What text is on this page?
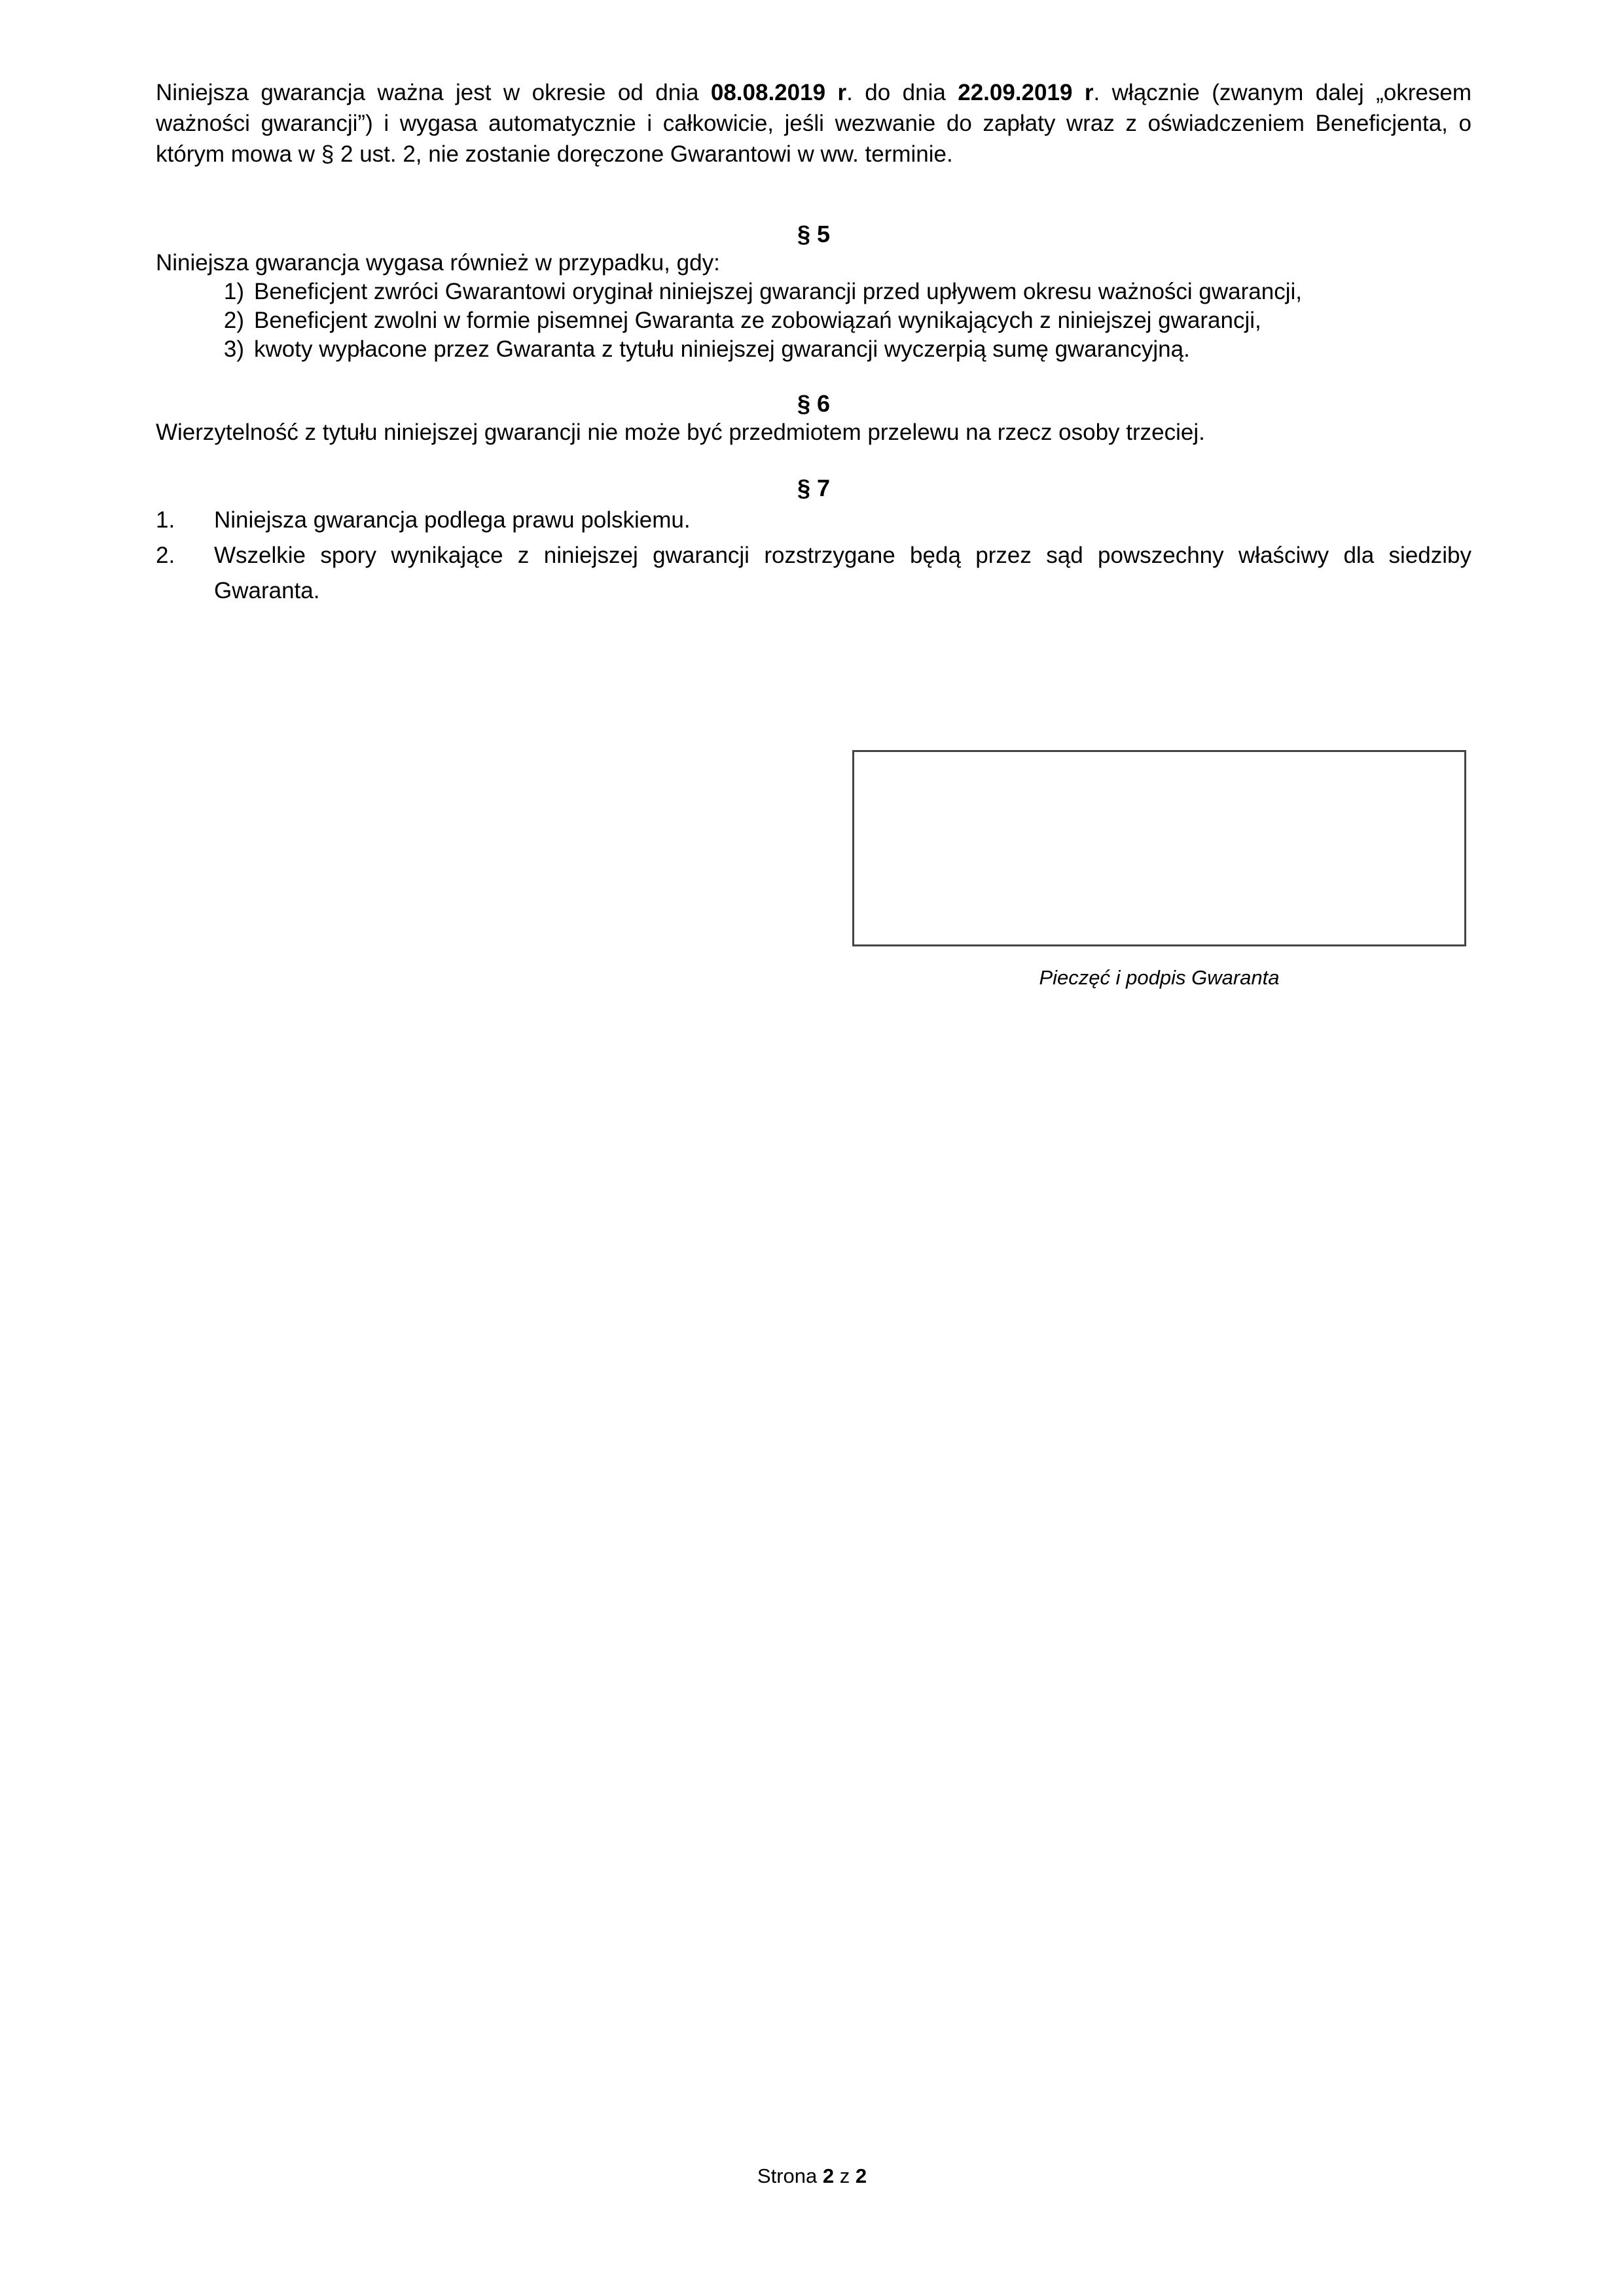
Niniejsza gwarancja ważna jest w okresie od dnia 08.08.2019 r. do dnia 22.09.2019 r. włącznie (zwanym dalej „okresem ważności gwarancji”) i wygasa automatycznie i całkowicie, jeśli wezwanie do zapłaty wraz z oświadczeniem Beneficjenta, o którym mowa w § 2 ust. 2, nie zostanie doręczone Gwarantowi w ww. terminie.

§ 5

Niniejsza gwarancja wygasa również w przypadku, gdy:

1) Beneficjent zwróci Gwarantowi oryginał niniejszej gwarancji przed upływem okresu ważności gwarancji,
2) Beneficjent zwolni w formie pisemnej Gwaranta ze zobowiązań wynikających z niniejszej gwarancji,
3) kwoty wypłacone przez Gwaranta z tytułu niniejszej gwarancji wyczerpią sumę gwarancyjną.
§ 6

Wierzytelność z tytułu niniejszej gwarancji nie może być przedmiotem przelewu na rzecz osoby trzeciej.

§ 7
1.	Niniejsza gwarancja podlega prawu polskiemu.
2.	Wszelkie spory wynikające z niniejszej gwarancji rozstrzygane będą przez sąd powszechny właściwy dla siedziby Gwaranta.
Pieczęć i podpis Gwaranta
Strona 2 z 2
